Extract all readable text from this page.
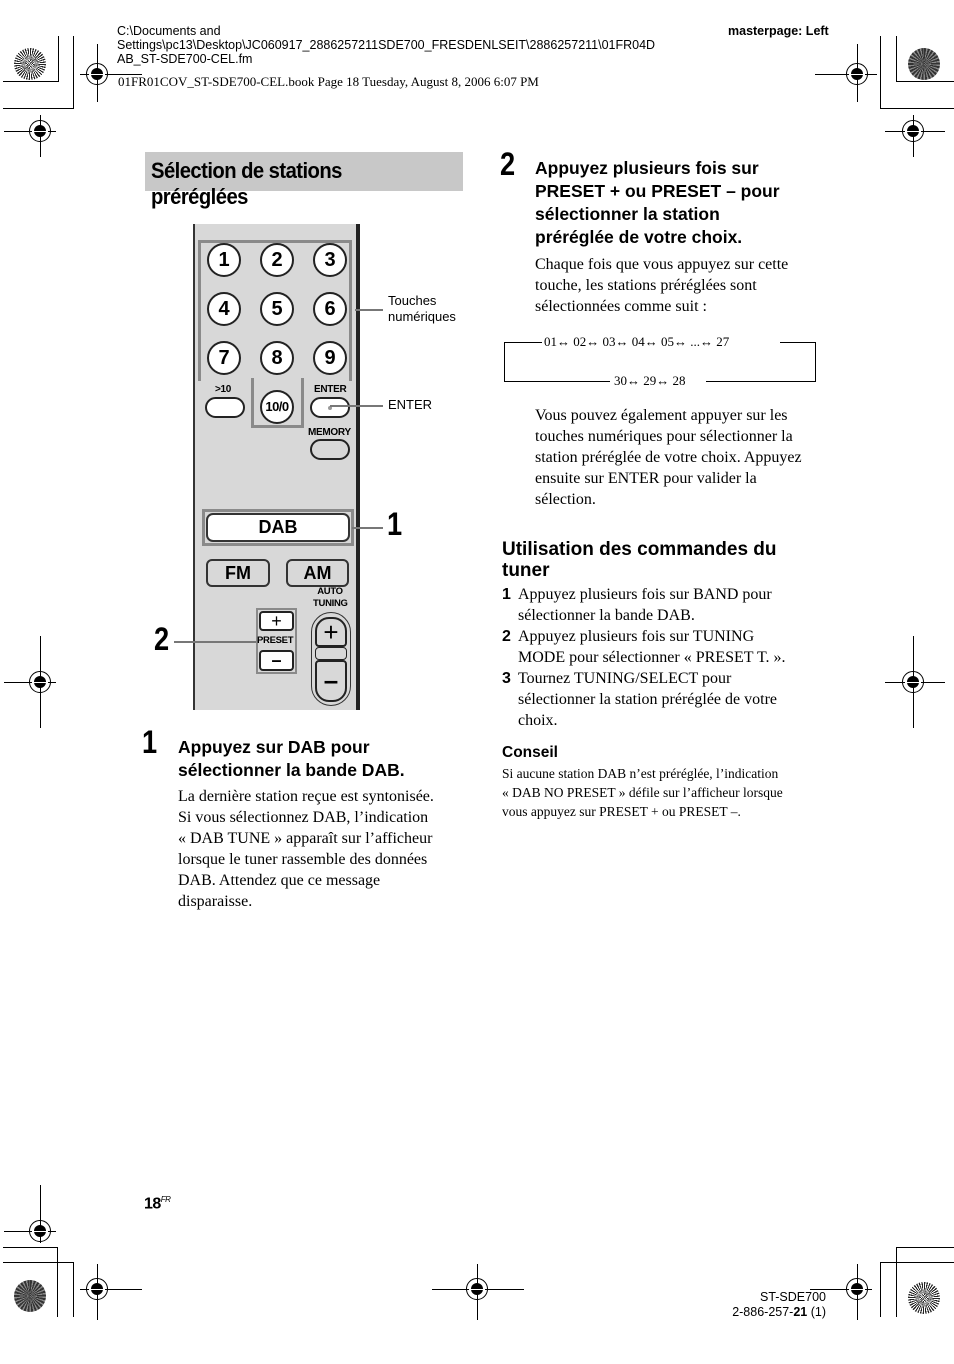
C:\Documents and
Settings\pc13\Desktop\JC060917_2886257211SDE700_FRESDENLSEIT\2886257211\01FR04D
AB_ST-SDE700-CEL.fm
masterpage: Left
01FR01COV_ST-SDE700-CEL.book Page 18 Tuesday, August 8, 2006 6:07 PM
Sélection de stations préréglées
1	2	3
4	5	6
7	8	9
>10
10/0
ENTER
MEMORY
DAB
FM	AM
+
PRESET
–
AUTO
TUNING
+
–
Touches
numériques
ENTER
1
2
1 Appuyez sur DAB pour
sélectionner la bande DAB.
La dernière station reçue est syntonisée.
Si vous sélectionnez DAB, l’indication
« DAB TUNE » apparaît sur l’afficheur
lorsque le tuner rassemble des données
DAB. Attendez que ce message
disparaisse.
2 Appuyez plusieurs fois sur
PRESET + ou PRESET – pour
sélectionner la station
préréglée de votre choix.
Chaque fois que vous appuyez sur cette
touche, les stations préréglées sont
sélectionnées comme suit :
01↔ 02↔ 03↔ 04↔ 05↔ ...↔ 27
30↔ 29↔ 28
Vous pouvez également appuyer sur les
touches numériques pour sélectionner la
station préréglée de votre choix. Appuyez
ensuite sur ENTER pour valider la
sélection.
Utilisation des commandes du
tuner
1 Appuyez plusieurs fois sur BAND pour
sélectionner la bande DAB.
2 Appuyez plusieurs fois sur TUNING
MODE pour sélectionner « PRESET T. ».
3 Tournez TUNING/SELECT pour
sélectionner la station préréglée de votre
choix.
Conseil
Si aucune station DAB n’est préréglée, l’indication
« DAB NO PRESET » défile sur l’afficheur lorsque
vous appuyez sur PRESET + ou PRESET –.
$18^{FR}$
ST-SDE700
2-886-257-21 (1)
